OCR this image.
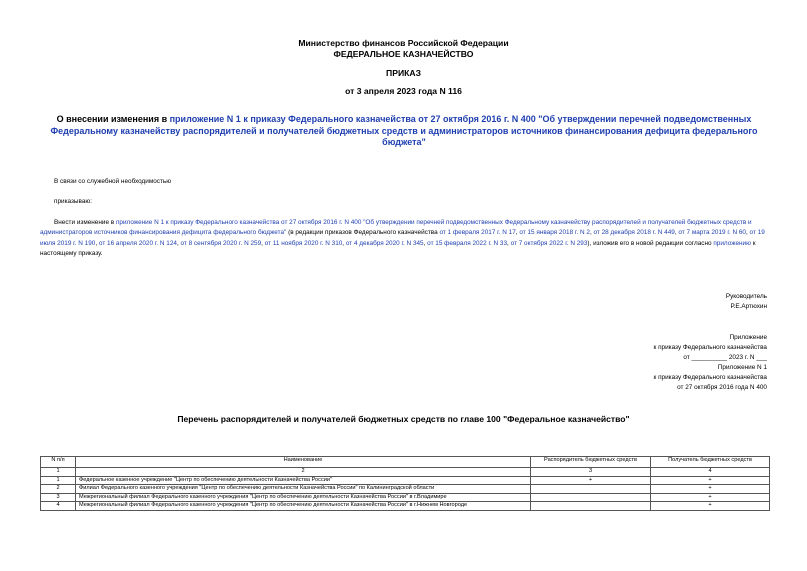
Министерство финансов Российской Федерации
ФЕДЕРАЛЬНОЕ КАЗНАЧЕЙСТВО
ПРИКАЗ
от 3 апреля 2023 года N 116
О внесении изменения в приложение N 1 к приказу Федерального казначейства от 27 октября 2016 г. N 400 "Об утверждении перечней подведомственных Федеральному казначейству распорядителей и получателей бюджетных средств и администраторов источников финансирования дефицита федерального бюджета"
В связи со служебной необходимостью
приказываю:
Внести изменение в приложение N 1 к приказу Федерального казначейства от 27 октября 2016 г. N 400 "Об утверждении перечней подведомственных Федеральному казначейству распорядителей и получателей бюджетных средств и администраторов источников финансирования дефицита федерального бюджета" (в редакции приказов Федерального казначейства от 1 февраля 2017 г. N 17, от 15 января 2018 г. N 2, от 28 декабря 2018 г. N 449, от 7 марта 2019 г. N 60, от 19 июля 2019 г. N 190, от 16 апреля 2020 г. N 124, от 8 сентября 2020 г. N 259, от 11 ноября 2020 г. N 310, от 4 декабря 2020 г. N 345, от 15 февраля 2022 г. N 33, от 7 октября 2022 г. N 293), изложив его в новой редакции согласно приложению к настоящему приказу.
Руководитель
Р.Е.Артюхин
Приложение
к приказу Федерального казначейства
от __________ 2023 г. N ___
Приложение N 1
к приказу Федерального казначейства
от 27 октября 2016 года N 400
Перечень распорядителей и получателей бюджетных средств по главе 100 "Федеральное казначейство"
N п/п	Наименование	Распорядитель бюджетных средств	Получатель бюджетных средств
1	2	3	4
1	Федеральное казенное учреждение "Центр по обеспечению деятельности Казначейства России"	+	+
2	Филиал Федерального казенного учреждения "Центр по обеспечению деятельности Казначейства России" по Калининградской области		+
3	Межрегиональный филиал Федерального казенного учреждения "Центр по обеспечению деятельности Казначейства России" в г.Владимире		+
4	Межрегиональный филиал Федерального казенного учреждения "Центр по обеспечению деятельности Казначейства России" в г.Нижнем Новгороде		+
